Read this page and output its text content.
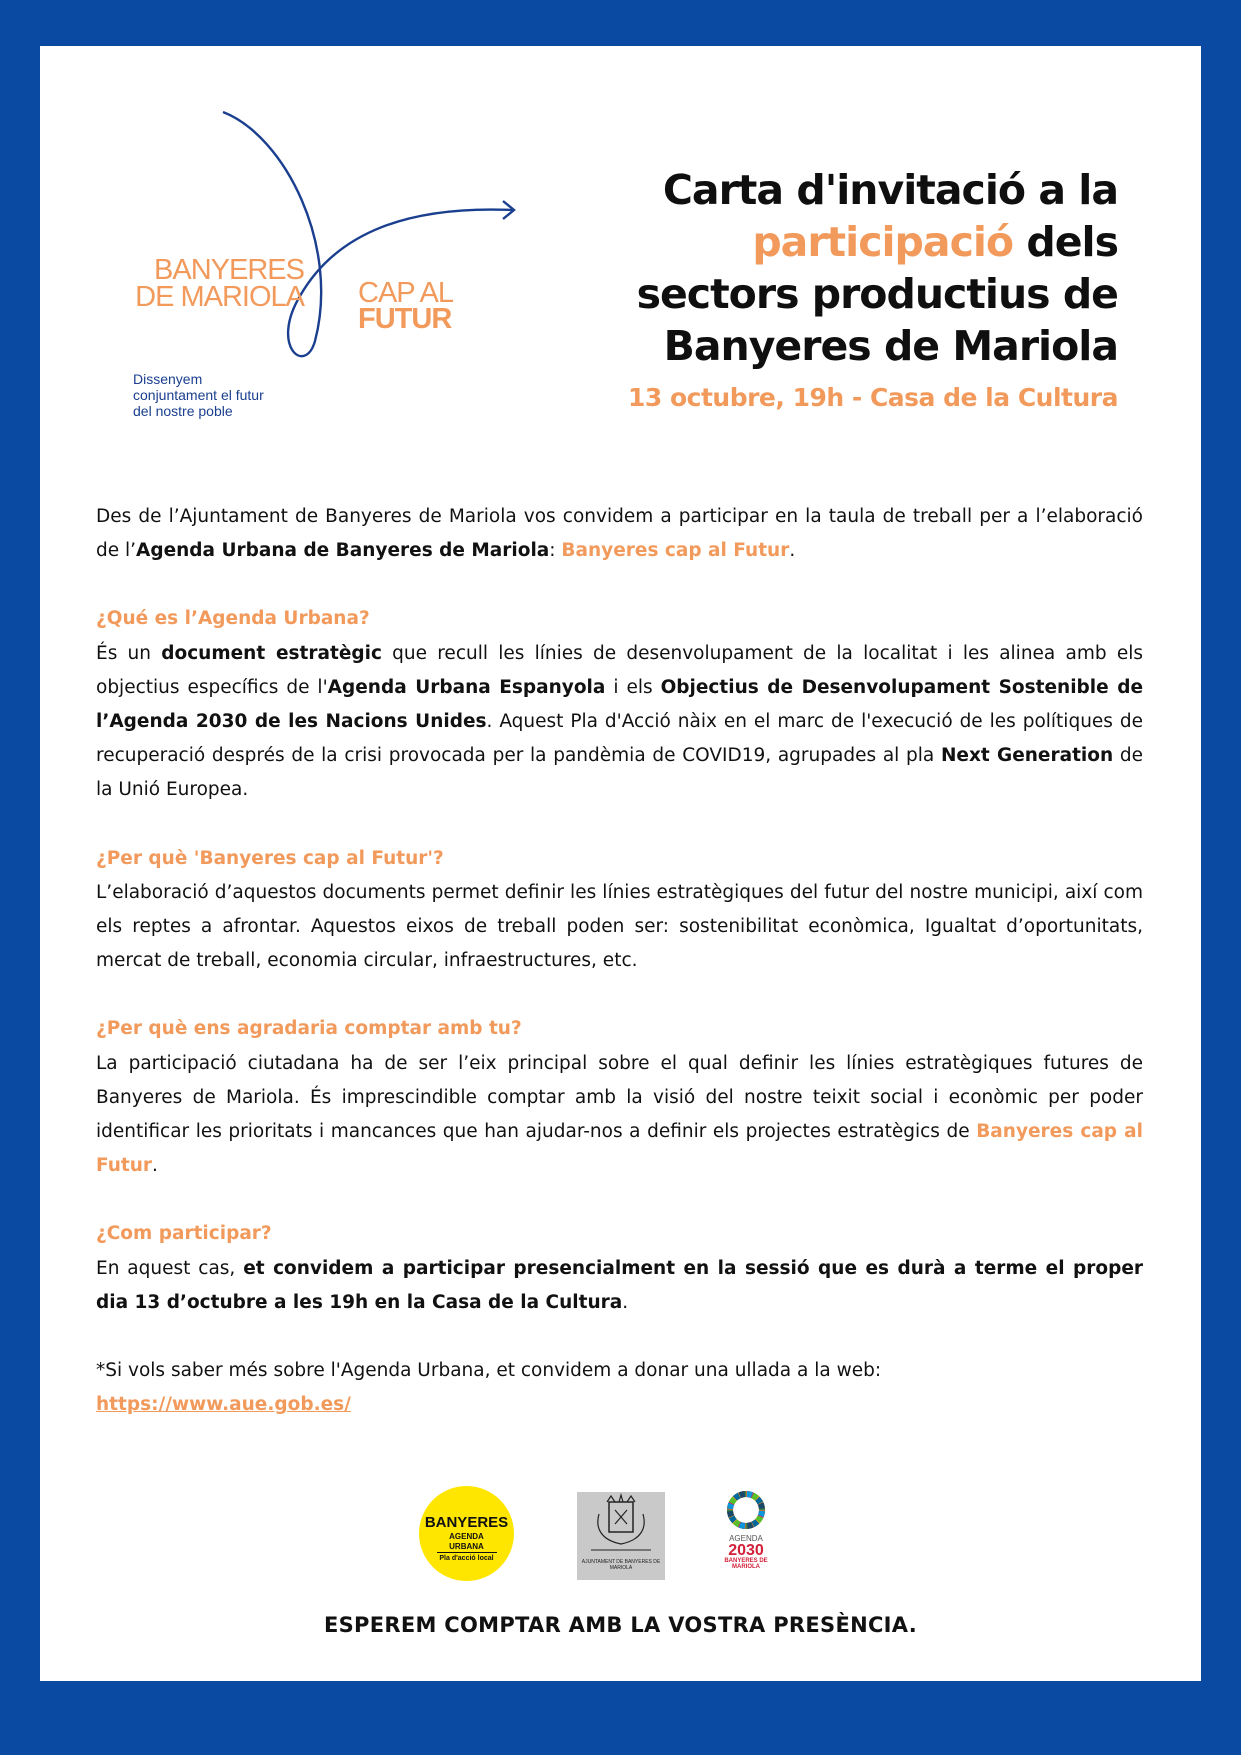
BANYERES
DE MARIOLA CAP AL
FUTUR
Dissenyem
conjuntament el futur
del nostre poble
Carta d'invitació a la
participació dels
sectors productius de
Banyeres de Mariola
13 octubre, 19h - Casa de la Cultura

Des de l’Ajuntament de Banyeres de Mariola vos convidem a participar en la taula de treball per a l’elaboració de l’Agenda Urbana de Banyeres de Mariola: Banyeres cap al Futur.

¿Qué es l’Agenda Urbana?

És un document estratègic que recull les línies de desenvolupament de la localitat i les alinea amb els objectius específics de l'Agenda Urbana Espanyola i els Objectius de Desenvolupament Sostenible de l’Agenda 2030 de les Nacions Unides. Aquest Pla d'Acció nàix en el marc de l'execució de les polítiques de recuperació després de la crisi provocada per la pandèmia de COVID19, agrupades al pla Next Generation de la Unió Europea.

¿Per què 'Banyeres cap al Futur'?

L’elaboració d’aquestos documents permet definir les línies estratègiques del futur del nostre municipi, així com els reptes a afrontar. Aquestos eixos de treball poden ser: sostenibilitat econòmica, Igualtat d’oportunitats, mercat de treball, economia circular, infraestructures, etc.

¿Per què ens agradaria comptar amb tu?

La participació ciutadana ha de ser l’eix principal sobre el qual definir les línies estratègiques futures de Banyeres de Mariola. És imprescindible comptar amb la visió del nostre teixit social i econòmic per poder identificar les prioritats i mancances que han ajudar-nos a definir els projectes estratègics de Banyeres cap al Futur.

¿Com participar?

En aquest cas, et convidem a participar presencialment en la sessió que es durà a terme el proper dia 13 d’octubre a les 19h en la Casa de la Cultura.

*Si vols saber més sobre l'Agenda Urbana, et convidem a donar una ullada a la web:

https://www.aue.gob.es/

BANYERES
AGENDA URBANA
Pla d'acció local	AJUNTAMENT DE BANYERES DE MARIOLA
AGENDA
2030
BANYERES DE MARIOLA
ESPEREM COMPTAR AMB LA VOSTRA PRESÈNCIA.
